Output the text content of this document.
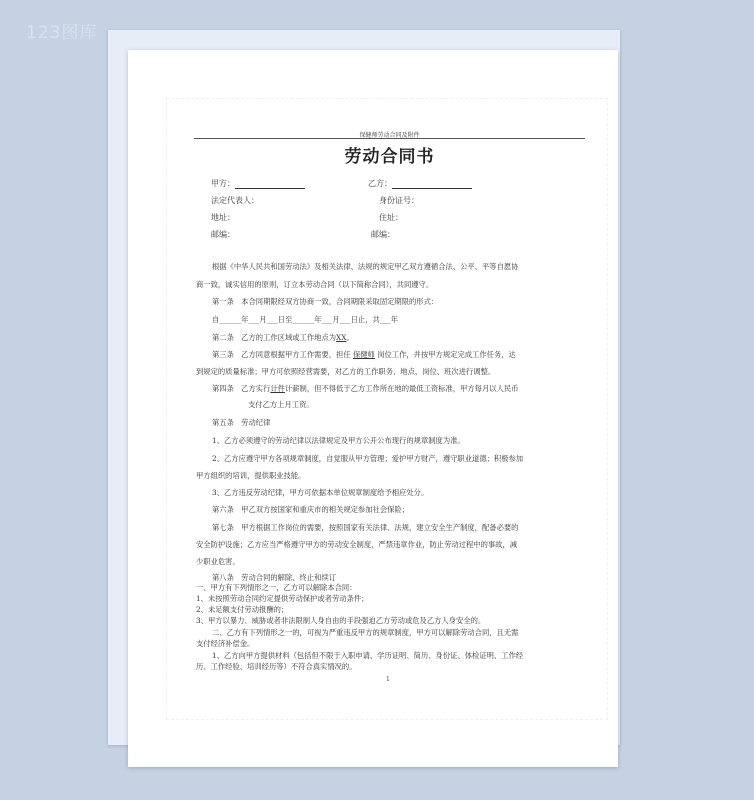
123图库
保健师劳动合同及附件
劳动合同书
甲方：	乙方：
法定代表人：	身份证号：
地址：	住址：
邮编：	邮编：
根据《中华人民共和国劳动法》及相关法律、法规的规定甲乙双方遵循合法、公平、平等自愿协
商一致，诚实信用的原则，订立本劳动合同（以下简称合同），共同遵守。
第一条　本合同期限经双方协商一致，合同期限采取固定期限的形式：
自______年___月___日至______年___月___日止，共___年
第二条　乙方的工作区域或工作地点为XX。
第三条　乙方同意根据甲方工作需要，担任 保健师 岗位工作，并按甲方规定完成工作任务，达
到规定的质量标准；甲方可依照经营需要，对乙方的工作职务、地点、岗位、班次进行调整。
第四条　乙方实行计件计薪制，但不得低于乙方工作所在地的最低工资标准，甲方每月以人民币
支付乙方上月工资。
第五条　劳动纪律
1、乙方必须遵守的劳动纪律以法律规定及甲方公开公布现行的规章制度为准。
2、乙方应遵守甲方各项规章制度，自觉服从甲方管理；爱护甲方财产，遵守职业道德；积极参加
甲方组织的培训，提供职业技能。
3、乙方违反劳动纪律，甲方可依据本单位规章制度给予相应处分。
第六条　甲乙双方按国家和重庆市的相关规定参加社会保险；
第七条　甲方根据工作岗位的需要，按照国家有关法律、法规，建立安全生产制度，配备必要的
安全防护设施；乙方应当严格遵守甲方的劳动安全制度，严禁违章作业，防止劳动过程中的事故，减
少职业危害。
第八条　劳动合同的解除、终止和续订
一、甲方有下列情形之一，乙方可以解除本合同：
1、未按照劳动合同约定提供劳动保护或者劳动条件；
2、未足额支付劳动报酬的；
3、甲方以暴力、威胁或者非法限制人身自由的手段强迫乙方劳动或危及乙方人身安全的。
二、乙方有下列情形之一的，可视为严重违反甲方的规章制度，甲方可以解除劳动合同，且无需
支付经济补偿金。
1、乙方向甲方提供材料（包括但不限于入职申请、学历证明、简历、身份证、体检证明、工作经
历、工作经验、培训经历等）不符合真实情况的。
1
